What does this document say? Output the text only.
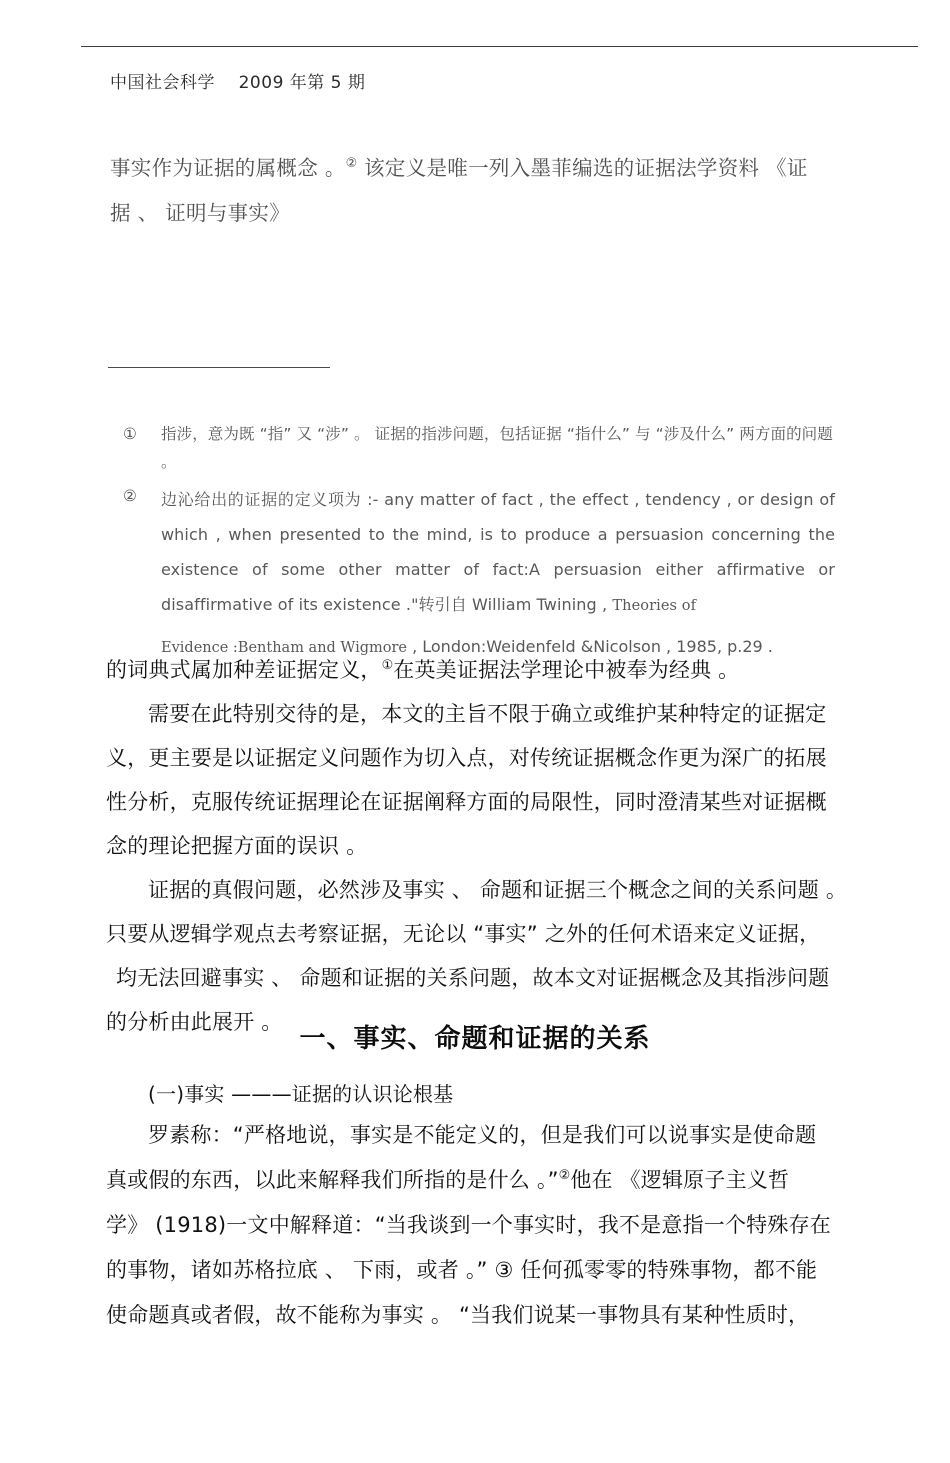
中国社会科学    2009 年第 5 期
事实作为证据的属概念 。② 该定义是唯一列入墨菲编选的证据法学资料 《证
据 、 证明与事实》
①	指涉，意为既 “指” 又 “涉” 。 证据的指涉问题，包括证据 “指什么” 与 “涉及什么” 两方面的问题 。
②	边沁给出的证据的定义项为 :- any matter of fact , the effect , tendency , or design of which , when presented to the mind, is to produce a persuasion concerning the existence of some other matter of fact:A persuasion either affirmative or disaffirmative of its existence ."转引自 William Twining , Theories of
Evidence :Bentham and Wigmore , London:Weidenfeld &Nicolson , 1985, p.29 .
的词典式属加种差证据定义，①在英美证据法学理论中被奉为经典 。
需要在此特别交待的是，本文的主旨不限于确立或维护某种特定的证据定
义，更主要是以证据定义问题作为切入点，对传统证据概念作更为深广的拓展
性分析，克服传统证据理论在证据阐释方面的局限性，同时澄清某些对证据概
念的理论把握方面的误识 。
证据的真假问题，必然涉及事实 、 命题和证据三个概念之间的关系问题 。
只要从逻辑学观点去考察证据，无论以 “事实” 之外的任何术语来定义证据，
均无法回避事实 、 命题和证据的关系问题，故本文对证据概念及其指涉问题
的分析由此展开 。
一、事实、命题和证据的关系
(一)事实 ———证据的认识论根基
罗素称：“严格地说，事实是不能定义的，但是我们可以说事实是使命题
真或假的东西，以此来解释我们所指的是什么 。”②他在 《逻辑原子主义哲
学》 (1918)一文中解释道：“当我谈到一个事实时，我不是意指一个特殊存在
的事物，诸如苏格拉底 、 下雨，或者 。” ③ 任何孤零零的特殊事物，都不能
使命题真或者假，故不能称为事实 。 “当我们说某一事物具有某种性质时，
